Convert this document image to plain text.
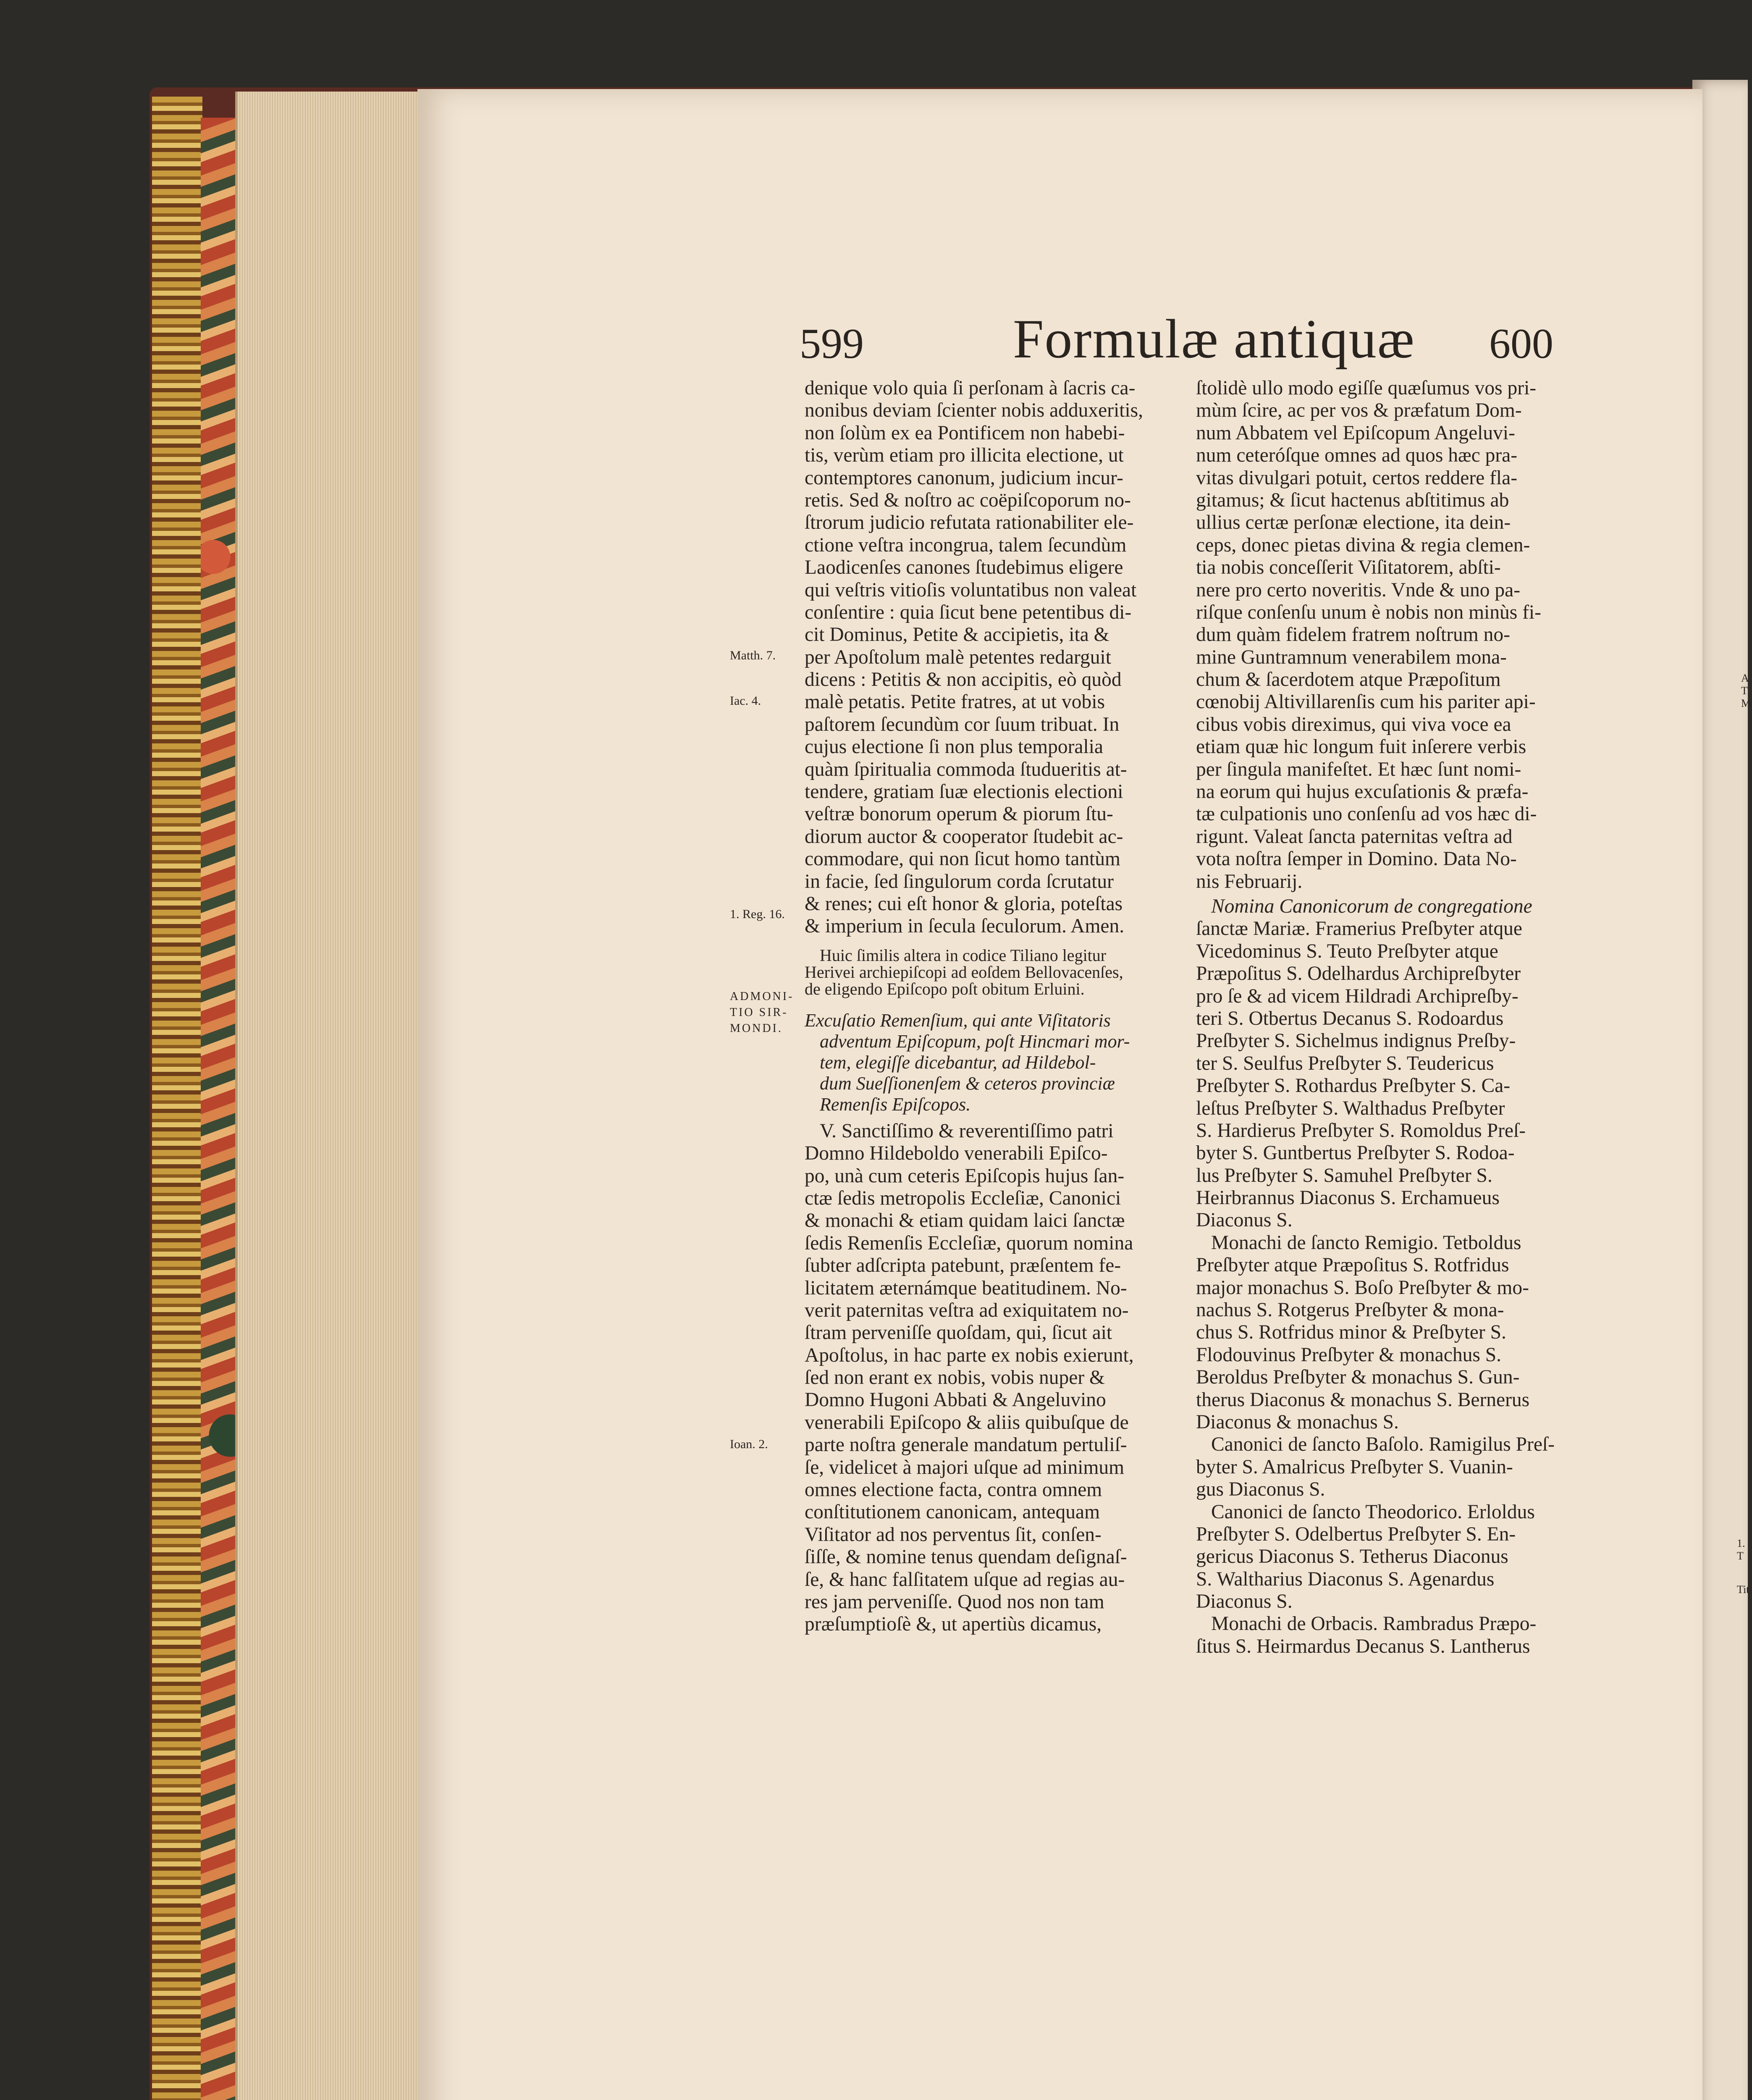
A
T
M
1. T
Tit.
599	Formulæ antiquæ 600
Matth. 7.
Iac. 4.
1. Reg. 16.
ADMONI-
TIO SIR-
MONDI.
Ioan. 2.
denique volo quia ſi perſonam à ſacris ca-
nonibus deviam ſcienter nobis adduxeritis,
non ſolùm ex ea Pontificem non habebi-
tis, verùm etiam pro illicita electione, ut
contemptores canonum, judicium incur-
retis. Sed & noſtro ac coëpiſcoporum no-
ſtrorum judicio refutata rationabiliter ele-
ctione veſtra incongrua, talem ſecundùm
Laodicenſes canones ſtudebimus eligere
qui veſtris vitioſis voluntatibus non valeat
conſentire : quia ſicut bene petentibus di-
cit Dominus, Petite & accipietis, ita &
per Apoſtolum malè petentes redarguit
dicens : Petitis & non accipitis, eò quòd
malè petatis. Petite fratres, at ut vobis
paſtorem ſecundùm cor ſuum tribuat. In
cujus electione ſi non plus temporalia
quàm ſpiritualia commoda ſtudueritis at-
tendere, gratiam ſuæ electionis electioni
veſtræ bonorum operum & piorum ſtu-
diorum auctor & cooperator ſtudebit ac-
commodare, qui non ſicut homo tantùm
in facie, ſed ſingulorum corda ſcrutatur
& renes; cui eſt honor & gloria, poteſtas
& imperium in ſecula ſeculorum. Amen.
Huic ſimilis altera in codice Tiliano legitur
Herivei archiepiſcopi ad eoſdem Bellovacenſes,
de eligendo Epiſcopo poſt obitum Erluini.
Excuſatio Remenſium, qui ante Viſitatoris
adventum Epiſcopum, poſt Hincmari mor-
tem, elegiſſe dicebantur, ad Hildebol-
dum Sueſſionenſem & ceteros provinciæ
Remenſis Epiſcopos.
V. Sanctiſſimo & reverentiſſimo patri
Domno Hildeboldo venerabili Epiſco-
po, unà cum ceteris Epiſcopis hujus ſan-
ctæ ſedis metropolis Eccleſiæ, Canonici
& monachi & etiam quidam laici ſanctæ
ſedis Remenſis Eccleſiæ, quorum nomina
ſubter adſcripta patebunt, præſentem fe-
licitatem æternámque beatitudinem. No-
verit paternitas veſtra ad exiquitatem no-
ſtram perveniſſe quoſdam, qui, ſicut ait
Apoſtolus, in hac parte ex nobis exierunt,
ſed non erant ex nobis, vobis nuper &
Domno Hugoni Abbati & Angeluvino
venerabili Epiſcopo & aliis quibuſque de
parte noſtra generale mandatum pertuliſ-
ſe, videlicet à majori uſque ad minimum
omnes electione facta, contra omnem
conſtitutionem canonicam, antequam
Viſitator ad nos perventus ſit, conſen-
ſiſſe, & nomine tenus quendam deſignaſ-
ſe, & hanc falſitatem uſque ad regias au-
res jam perveniſſe. Quod nos non tam
præſumptioſè &, ut apertiùs dicamus,
ſtolidè ullo modo egiſſe quæſumus vos pri-
mùm ſcire, ac per vos & præfatum Dom-
num Abbatem vel Epiſcopum Angeluvi-
num ceteróſque omnes ad quos hæc pra-
vitas divulgari potuit, certos reddere fla-
gitamus; & ſicut hactenus abſtitimus ab
ullius certæ perſonæ electione, ita dein-
ceps, donec pietas divina & regia clemen-
tia nobis conceſſerit Viſitatorem, abſti-
nere pro certo noveritis. Vnde & uno pa-
riſque conſenſu unum è nobis non minùs fi-
dum quàm fidelem fratrem noſtrum no-
mine Guntramnum venerabilem mona-
chum & ſacerdotem atque Præpoſitum
cœnobij Altivillarenſis cum his pariter api-
cibus vobis direximus, qui viva voce ea
etiam quæ hic longum fuit inſerere verbis
per ſingula manifeſtet. Et hæc ſunt nomi-
na eorum qui hujus excuſationis & præfa-
tæ culpationis uno conſenſu ad vos hæc di-
rigunt. Valeat ſancta paternitas veſtra ad
vota noſtra ſemper in Domino. Data No-
nis Februarij.
Nomina Canonicorum de congregatione
ſanctæ Mariæ. Framerius Preſbyter atque
Vicedominus S. Teuto Preſbyter atque
Præpoſitus S. Odelhardus Archipreſbyter
pro ſe & ad vicem Hildradi Archipreſby-
teri S. Otbertus Decanus S. Rodoardus
Preſbyter S. Sichelmus indignus Preſby-
ter S. Seulfus Preſbyter S. Teudericus
Preſbyter S. Rothardus Preſbyter S. Ca-
leſtus Preſbyter S. Walthadus Preſbyter
S. Hardierus Preſbyter S. Romoldus Preſ-
byter S. Guntbertus Preſbyter S. Rodoa-
lus Preſbyter S. Samuhel Preſbyter S.
Heirbrannus Diaconus S. Erchamueus
Diaconus S.
Monachi de ſancto Remigio. Tetboldus
Preſbyter atque Præpoſitus S. Rotfridus
major monachus S. Boſo Preſbyter & mo-
nachus S. Rotgerus Preſbyter & mona-
chus S. Rotfridus minor & Preſbyter S.
Flodouvinus Preſbyter & monachus S.
Beroldus Preſbyter & monachus S. Gun-
therus Diaconus & monachus S. Bernerus
Diaconus & monachus S.
Canonici de ſancto Baſolo. Ramigilus Preſ-
byter S. Amalricus Preſbyter S. Vuanin-
gus Diaconus S.
Canonici de ſancto Theodorico. Erloldus
Preſbyter S. Odelbertus Preſbyter S. En-
gericus Diaconus S. Tetherus Diaconus
S. Waltharius Diaconus S. Agenardus
Diaconus S.
Monachi de Orbacis. Rambradus Præpo-
ſitus S. Heirmardus Decanus S. Lantherus
